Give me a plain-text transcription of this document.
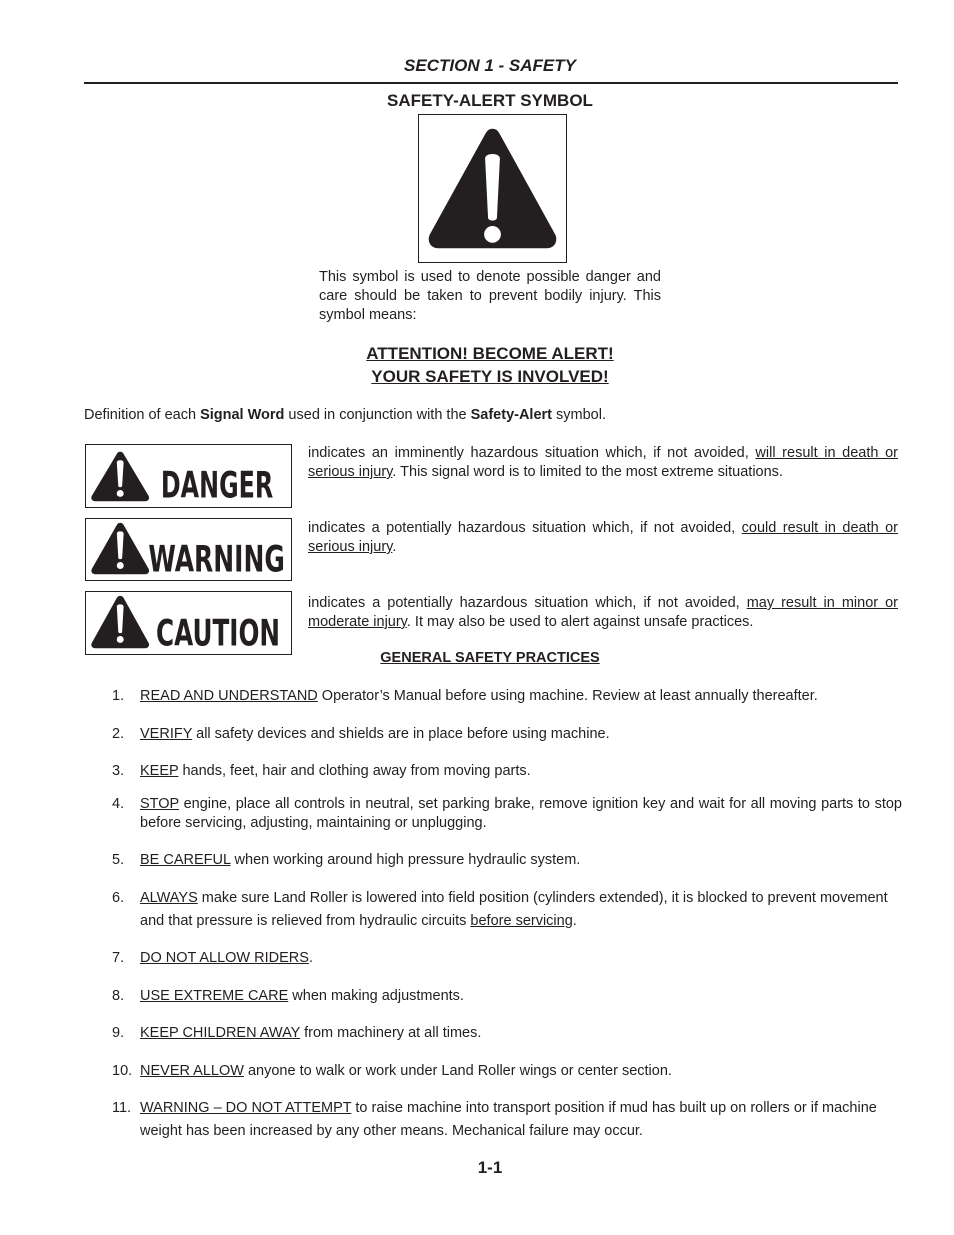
SECTION 1 - SAFETY
SAFETY-ALERT SYMBOL
This symbol is used to denote possible danger and care should be taken to prevent bodily injury. This symbol means:
ATTENTION! BECOME ALERT!
YOUR SAFETY IS INVOLVED!
Definition of each Signal Word used in conjunction with the Safety-Alert symbol.
DANGER
indicates an imminently hazardous situation which, if not avoided, will result in death or serious injury. This signal word is to limited to the most extreme situations.
WARNING
indicates a potentially hazardous situation which, if not avoided, could result in death or serious injury.
CAUTION
indicates a potentially hazardous situation which, if not avoided, may result in minor or moderate injury. It may also be used to alert against unsafe practices.
GENERAL SAFETY PRACTICES
1. READ AND UNDERSTAND Operator’s Manual before using machine. Review at least annually thereafter.
2. VERIFY all safety devices and shields are in place before using machine.
3. KEEP hands, feet, hair and clothing away from moving parts.
4. STOP engine, place all controls in neutral, set parking brake, remove ignition key and wait for all moving parts to stop before servicing, adjusting, maintaining or unplugging.
5. BE CAREFUL when working around high pressure hydraulic system.
6. ALWAYS make sure Land Roller is lowered into field position (cylinders extended), it is blocked to prevent movement and that pressure is relieved from hydraulic circuits before servicing.
7. DO NOT ALLOW RIDERS.
8. USE EXTREME CARE when making adjustments.
9. KEEP CHILDREN AWAY from machinery at all times.
10. NEVER ALLOW anyone to walk or work under Land Roller wings or center section.
11. WARNING – DO NOT ATTEMPT to raise machine into transport position if mud has built up on rollers or if machine weight has been increased by any other means. Mechanical failure may occur.
1-1
